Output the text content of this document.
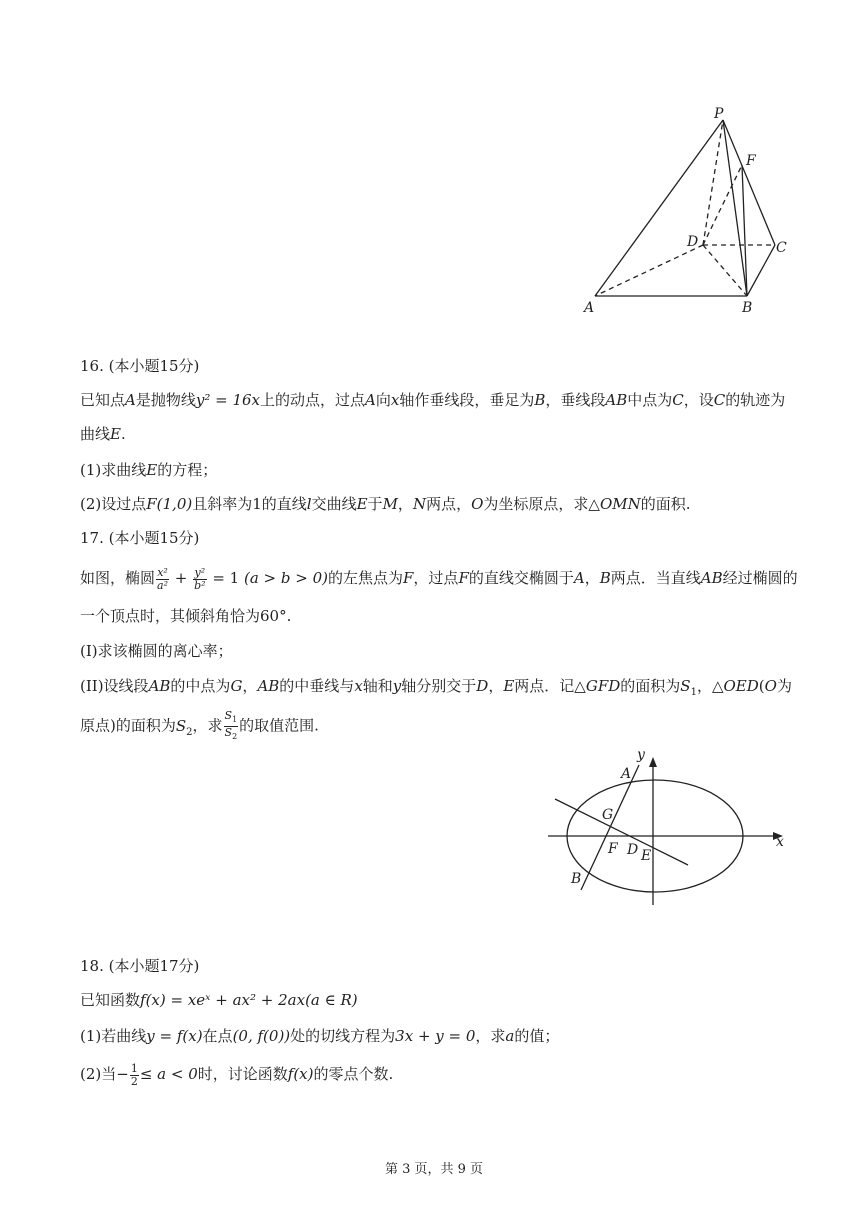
P
F
D	C
A	B
16. (本小题15分)
已知点A是抛物线y² = 16x上的动点，过点A向x轴作垂线段，垂足为B，垂线段AB中点为C，设C的轨迹为
曲线E.
(1)求曲线E的方程；
(2)设过点F(1,0)且斜率为1的直线l交曲线E于M，N两点，O为坐标原点，求△OMN的面积.
17. (本小题15分)
如图，椭圆 $\frac{\text{x²}}{\text{a²}} + \frac{\text{y²}}{\text{b²}} = 1$ (a > b > 0)的左焦点为F，过点F的直线交椭圆于A，B两点．当直线AB经过椭圆的
一个顶点时，其倾斜角恰为60°.
(I)求该椭圆的离心率；
(II)设线段AB的中点为G，AB的中垂线与x轴和y轴分别交于D，E两点．记△GFD的面积为$S_1$，△OED(O为
原点)的面积为$S_2$，求 $\frac{S_1}{S_2}$ 的取值范围.
y
x
A
G
F D E
B
18. (本小题17分)
已知函数f(x) = xeˣ + ax² + 2ax(a ∈ R)
(1)若曲线y = f(x)在点(0, f(0))处的切线方程为3x + y = 0，求a的值；
(2)当− $\frac{1}{2} \le a < 0$时，讨论函数f(x)的零点个数.
第 3 页，共 9 页
